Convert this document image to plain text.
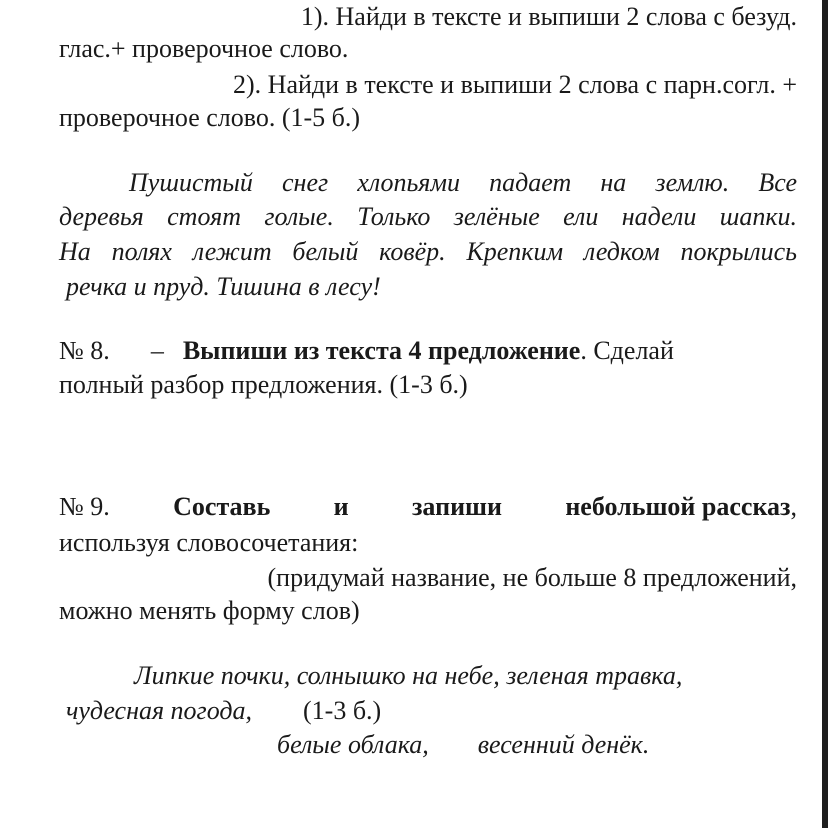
1). Найди в тексте и выпиши 2 слова с безуд.
глас.+ проверочное слово.
2). Найди в тексте и выпиши 2 слова с парн.согл. +
проверочное слово. (1-5 б.)
Пушистый снег хлопьями падает на землю. Все
деревья стоят голые. Только зелёные ели надели шапки.
На полях лежит белый ковёр. Крепким ледком покрылись
речка и пруд. Тишина в лесу!
№ 8. – Выпиши из текста 4 предложение. Сделай
полный разбор предложения. (1-3 б.)
№ 9. Составь и запиши небольшой рассказ,
используя словосочетания:
(придумай название, не больше 8 предложений,
можно менять форму слов)
Липкие почки, солнышко на небе, зеленая травка,
чудесная погода, (1-3 б.)
белые облака, весенний денёк.
